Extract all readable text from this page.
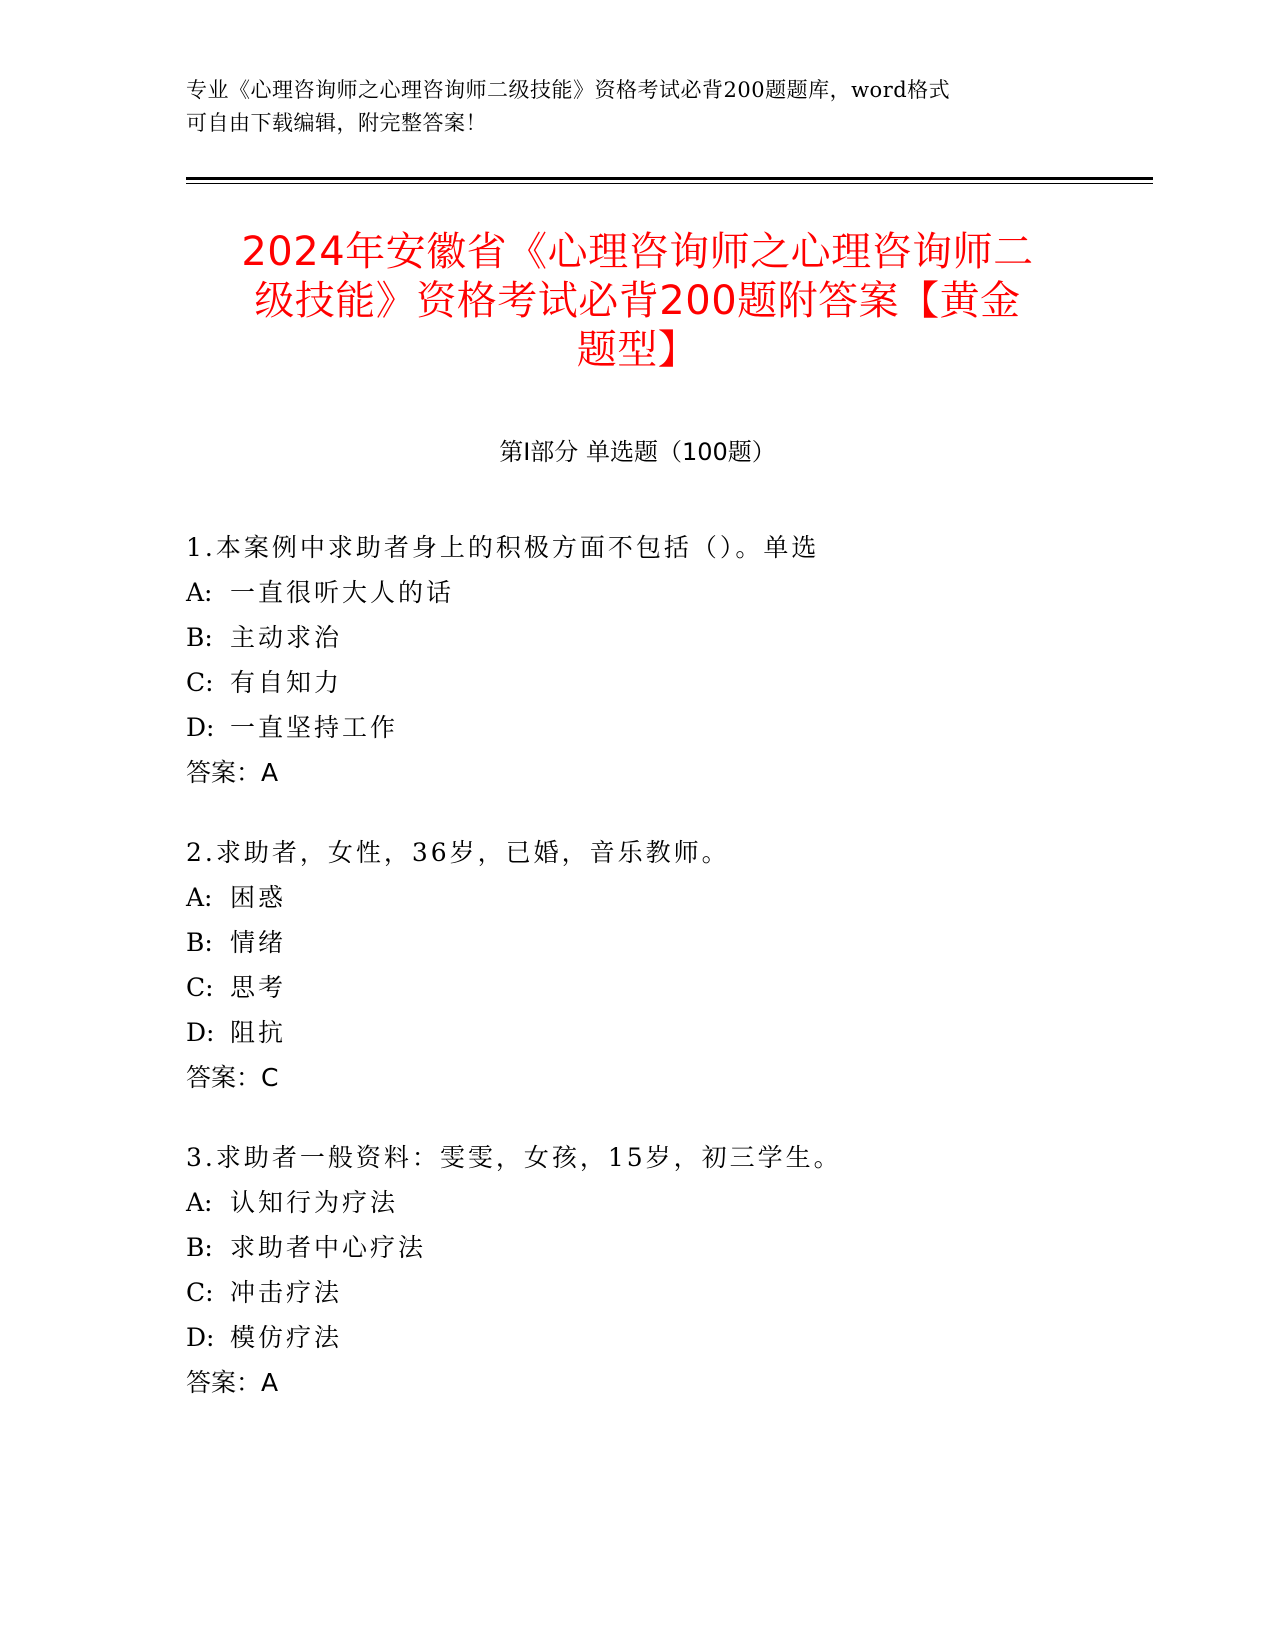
专业《心理咨询师之心理咨询师二级技能》资格考试必背200题题库，word格式
可自由下载编辑，附完整答案！
2024年安徽省《心理咨询师之心理咨询师二
级技能》资格考试必背200题附答案【黄金
题型】
第Ⅰ部分 单选题（100题）
1.本案例中求助者身上的积极方面不包括（）。单选
A: 一直很听大人的话
B: 主动求治
C: 有自知力
D: 一直坚持工作
答案：A
2.求助者，女性，36岁，已婚，音乐教师。
A: 困惑
B: 情绪
C: 思考
D: 阻抗
答案：C
3.求助者一般资料：雯雯，女孩，15岁，初三学生。
A: 认知行为疗法
B: 求助者中心疗法
C: 冲击疗法
D: 模仿疗法
答案：A
